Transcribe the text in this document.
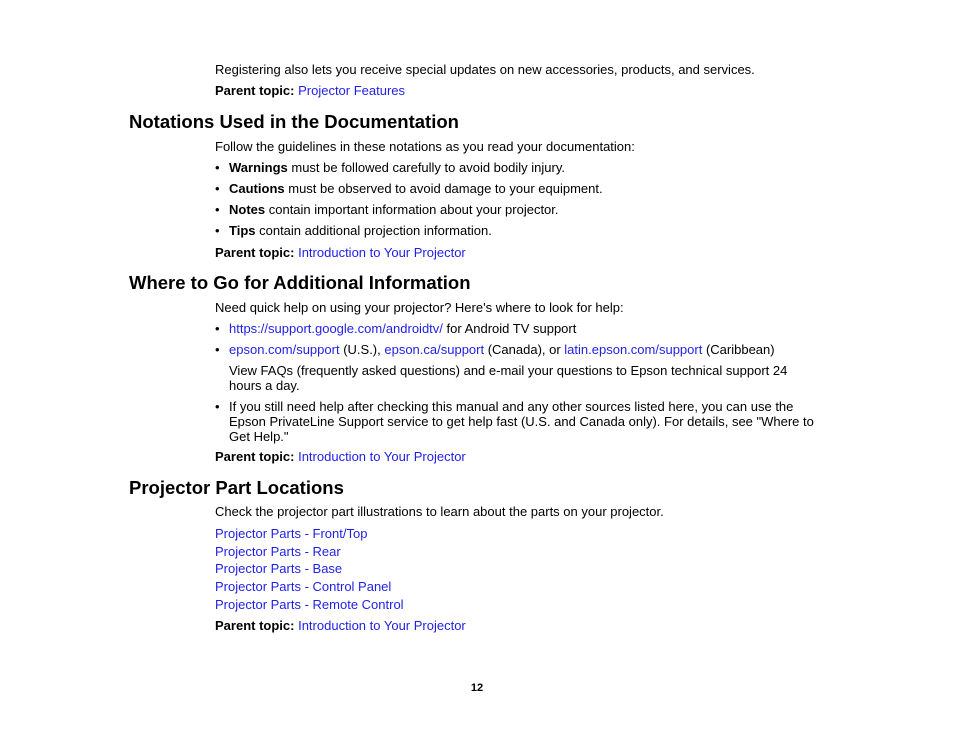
Registering also lets you receive special updates on new accessories, products, and services.
Parent topic: Projector Features
Notations Used in the Documentation
Follow the guidelines in these notations as you read your documentation:
• Warnings must be followed carefully to avoid bodily injury.
• Cautions must be observed to avoid damage to your equipment.
• Notes contain important information about your projector.
• Tips contain additional projection information.
Parent topic: Introduction to Your Projector
Where to Go for Additional Information
Need quick help on using your projector? Here's where to look for help:
• https://support.google.com/androidtv/ for Android TV support
• epson.com/support (U.S.), epson.ca/support (Canada), or latin.epson.com/support (Caribbean)
View FAQs (frequently asked questions) and e-mail your questions to Epson technical support 24
hours a day.
• If you still need help after checking this manual and any other sources listed here, you can use the
Epson PrivateLine Support service to get help fast (U.S. and Canada only). For details, see "Where to
Get Help."
Parent topic: Introduction to Your Projector
Projector Part Locations
Check the projector part illustrations to learn about the parts on your projector.
Projector Parts - Front/Top
Projector Parts - Rear
Projector Parts - Base
Projector Parts - Control Panel
Projector Parts - Remote Control
Parent topic: Introduction to Your Projector
12
